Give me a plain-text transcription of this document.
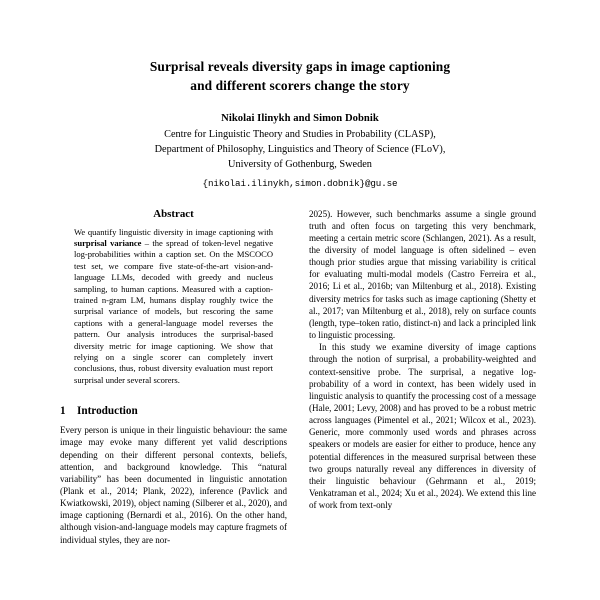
Surprisal reveals diversity gaps in image captioning
and different scorers change the story
Nikolai Ilinykh and Simon Dobnik
Centre for Linguistic Theory and Studies in Probability (CLASP),
Department of Philosophy, Linguistics and Theory of Science (FLoV),
University of Gothenburg, Sweden
{nikolai.ilinykh,simon.dobnik}@gu.se
Abstract
We quantify linguistic diversity in image captioning with surprisal variance – the spread of token-level negative log-probabilities within a caption set. On the MSCOCO test set, we compare five state-of-the-art vision-and-language LLMs, decoded with greedy and nucleus sampling, to human captions. Measured with a caption-trained n-gram LM, humans display roughly twice the surprisal variance of models, but rescoring the same captions with a general-language model reverses the pattern. Our analysis introduces the surprisal-based diversity metric for image captioning. We show that relying on a single scorer can completely invert conclusions, thus, robust diversity evaluation must report surprisal under several scorers.
1	Introduction

Every person is unique in their linguistic behaviour: the same image may evoke many different yet valid descriptions depending on their different personal contexts, beliefs, attention, and background knowledge. This “natural variability” has been documented in linguistic annotation (Plank et al., 2014; Plank, 2022), inference (Pavlick and Kwiatkowski, 2019), object naming (Silberer et al., 2020), and image captioning (Bernardi et al., 2016). On the other hand, although vision-and-language models may capture fragmets of individual styles, they are nor-

2025). However, such benchmarks assume a single ground truth and often focus on targeting this very benchmark, meeting a certain metric score (Schlangen, 2021). As a result, the diversity of model language is often sidelined – even though prior studies argue that missing variability is critical for evaluating multi-modal models (Castro Ferreira et al., 2016; Li et al., 2016b; van Miltenburg et al., 2018). Existing diversity metrics for tasks such as image captioning (Shetty et al., 2017; van Miltenburg et al., 2018), rely on surface counts (length, type–token ratio, distinct-n) and lack a principled link to linguistic processing.

In this study we examine diversity of image captions through the notion of surprisal, a probability-weighted and context-sensitive probe. The surprisal, a negative log-probability of a word in context, has been widely used in linguistic analysis to quantify the processing cost of a message (Hale, 2001; Levy, 2008) and has proved to be a robust metric across languages (Pimentel et al., 2021; Wilcox et al., 2023). Generic, more commonly used words and phrases across speakers or models are easier for either to produce, hence any potential differences in the measured surprisal between these two groups naturally reveal any differences in diversity of their linguistic behaviour (Gehrmann et al., 2019; Venkatraman et al., 2024; Xu et al., 2024). We extend this line of work from text-only
